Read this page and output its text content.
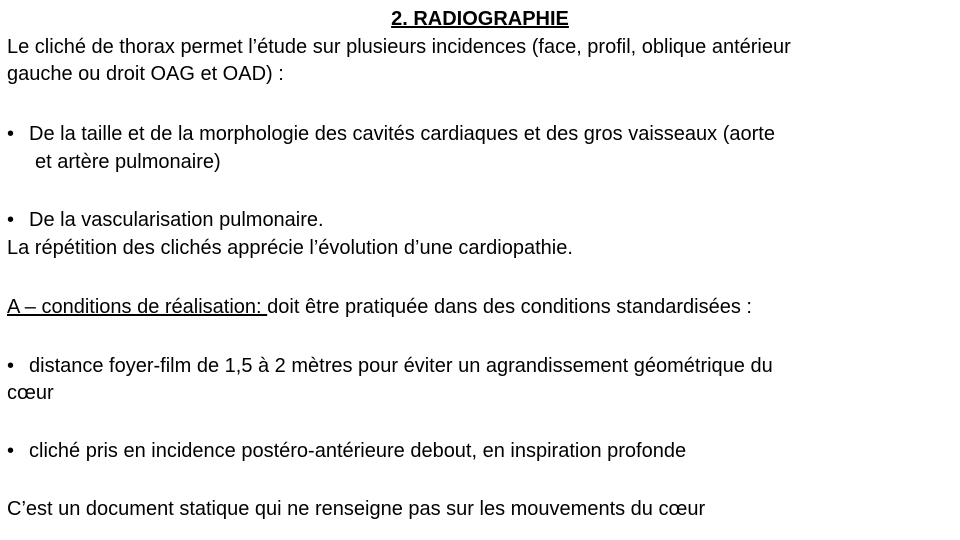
2. RADIOGRAPHIE
Le cliché de thorax permet l’étude sur plusieurs incidences (face, profil, oblique antérieur
gauche ou droit OAG et OAD) :
• De la taille et de la morphologie des cavités cardiaques et des gros vaisseaux (aorte
et artère pulmonaire)
• De la vascularisation pulmonaire.
La répétition des clichés apprécie l’évolution d’une cardiopathie.
A – conditions de réalisation: doit être pratiquée dans des conditions standardisées :
• distance foyer-film de 1,5 à 2 mètres pour éviter un agrandissement géométrique du
cœur
• cliché pris en incidence postéro-antérieure debout, en inspiration profonde
C’est un document statique qui ne renseigne pas sur les mouvements du cœur
